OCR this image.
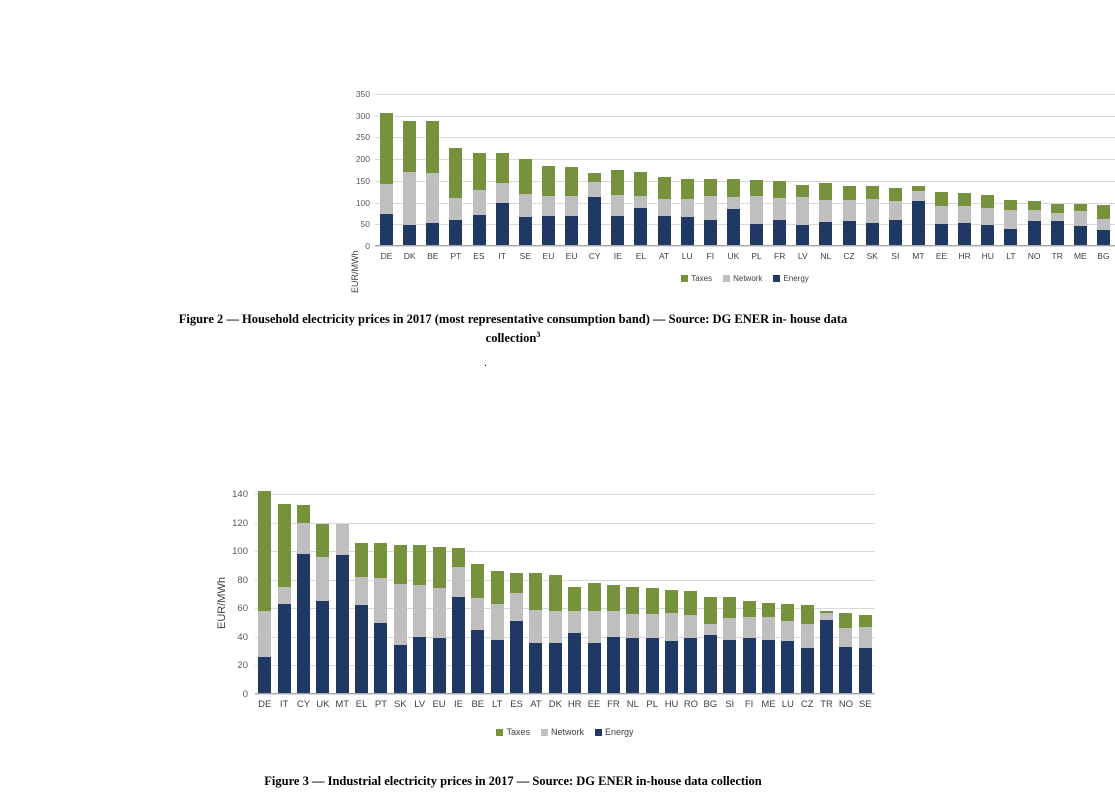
EUR/MWh
0
50
100
150
200
250
300
350
DE	DK	BE	PT	ES	IT	SE	EU	EU	CY	IE	EL	AT	LU	FI	UK	PL	FR	LV	NL	CZ	SK	SI	MT	EE	HR	HU	LT	NO	TR	ME	BG
Taxes	Network	Energy
Figure 2 — Household electricity prices in 2017 (most representative consumption band) — Source: DG ENER in- house data collection$^3$
.
EUR/MWh
0
20
40
60
80
100
120
140
DE IT CY UK MT EL PT SK LV EU IE BE LT ES AT DK HR EE FR NL PL HU RO BG SI	FI ME LU CZ TR NO SE
Taxes Network Energy
Figure 3 — Industrial electricity prices in 2017 — Source: DG ENER in-house data collection
